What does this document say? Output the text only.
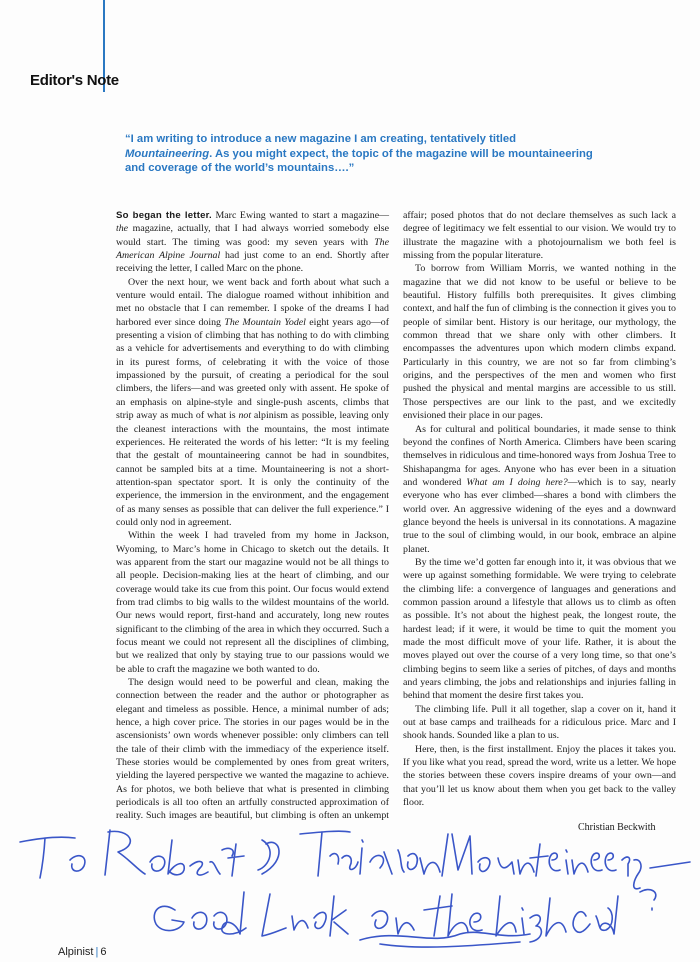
Editor's Note
“I am writing to introduce a new magazine I am creating, tentatively titled Mountaineering. As you might expect, the topic of the magazine will be mountaineering and coverage of the world’s mountains….”

So began the letter. Marc Ewing wanted to start a magazine—the magazine, actually, that I had always worried somebody else would start. The timing was good: my seven years with The American Alpine Journal had just come to an end. Shortly after receiving the letter, I called Marc on the phone.

Over the next hour, we went back and forth about what such a venture would entail. The dialogue roamed without inhibition and met no obstacle that I can remember. I spoke of the dreams I had harbored ever since doing The Mountain Yodel eight years ago—of presenting a vision of climbing that has nothing to do with climbing as a vehicle for advertisements and everything to do with climbing in its purest forms, of celebrating it with the voice of those impassioned by the pursuit, of creating a periodical for the soul climbers, the lifers—and was greeted only with assent. He spoke of an emphasis on alpine-style and single-push ascents, climbs that strip away as much of what is not alpinism as possible, leaving only the cleanest interactions with the mountains, the most intimate experiences. He reiterated the words of his letter: “It is my feeling that the gestalt of mountaineering cannot be had in soundbites, cannot be sampled bits at a time. Mountaineering is not a short-attention-span spectator sport. It is only the continuity of the experience, the immersion in the environment, and the engagement of as many senses as possible that can deliver the full experience.” I could only nod in agreement.

Within the week I had traveled from my home in Jackson, Wyoming, to Marc’s home in Chicago to sketch out the details. It was apparent from the start our magazine would not be all things to all people. Decision-making lies at the heart of climbing, and our coverage would take its cue from this point. Our focus would extend from trad climbs to big walls to the wildest mountains of the world. Our news would report, first-hand and accurately, long new routes significant to the climbing of the area in which they occurred. Such a focus meant we could not represent all the disciplines of climbing, but we realized that only by staying true to our passions would we be able to craft the magazine we both wanted to do.

The design would need to be powerful and clean, making the connection between the reader and the author or photographer as elegant and timeless as possible. Hence, a minimal number of ads; hence, a high cover price. The stories in our pages would be in the ascensionists’ own words whenever possible: only climbers can tell the tale of their climb with the immediacy of the experience itself. These stories would be complemented by ones from great writers, yielding the layered perspective we wanted the magazine to achieve. As for photos, we both believe that what is presented in climbing periodicals is all too often an artfully constructed approximation of reality. Such images are beautiful, but climbing is often an unkempt affair; posed photos that do not declare themselves as such lack a degree of legitimacy we felt essential to our vision. We would try to illustrate the magazine with a photojournalism we both feel is missing from the popular literature.

To borrow from William Morris, we wanted nothing in the magazine that we did not know to be useful or believe to be beautiful. History fulfills both prerequisites. It gives climbing context, and half the fun of climbing is the connection it gives you to people of similar bent. History is our heritage, our mythology, the common thread that we share only with other climbers. It encompasses the adventures upon which modern climbs expand. Particularly in this country, we are not so far from climbing’s origins, and the perspectives of the men and women who first pushed the physical and mental margins are accessible to us still. Those perspectives are our link to the past, and we excitedly envisioned their place in our pages.

As for cultural and political boundaries, it made sense to think beyond the confines of North America. Climbers have been scaring themselves in ridiculous and time-honored ways from Joshua Tree to Shishapangma for ages. Anyone who has ever been in a situation and wondered What am I doing here?—which is to say, nearly everyone who has ever climbed—shares a bond with climbers the world over. An aggressive widening of the eyes and a downward glance beyond the heels is universal in its connotations. A magazine true to the soul of climbing would, in our book, embrace an alpine planet.

By the time we’d gotten far enough into it, it was obvious that we were up against something formidable. We were trying to celebrate the climbing life: a convergence of languages and generations and common passion around a lifestyle that allows us to climb as often as possible. It’s not about the highest peak, the longest route, the hardest lead; if it were, it would be time to quit the moment you made the most difficult move of your life. Rather, it is about the moves played out over the course of a very long time, so that one’s climbing begins to seem like a series of pitches, of days and months and years climbing, the jobs and relationships and injuries falling in behind that moment the desire first takes you.

The climbing life. Pull it all together, slap a cover on it, hand it out at base camps and trailheads for a ridiculous price. Marc and I shook hands. Sounded like a plan to us.

Here, then, is the first installment. Enjoy the places it takes you. If you like what you read, spread the word, write us a letter. We hope the stories between these covers inspire dreams of your own—and that you’ll let us know about them when you get back to the valley floor.

Christian Beckwith
Alpinist | 6
